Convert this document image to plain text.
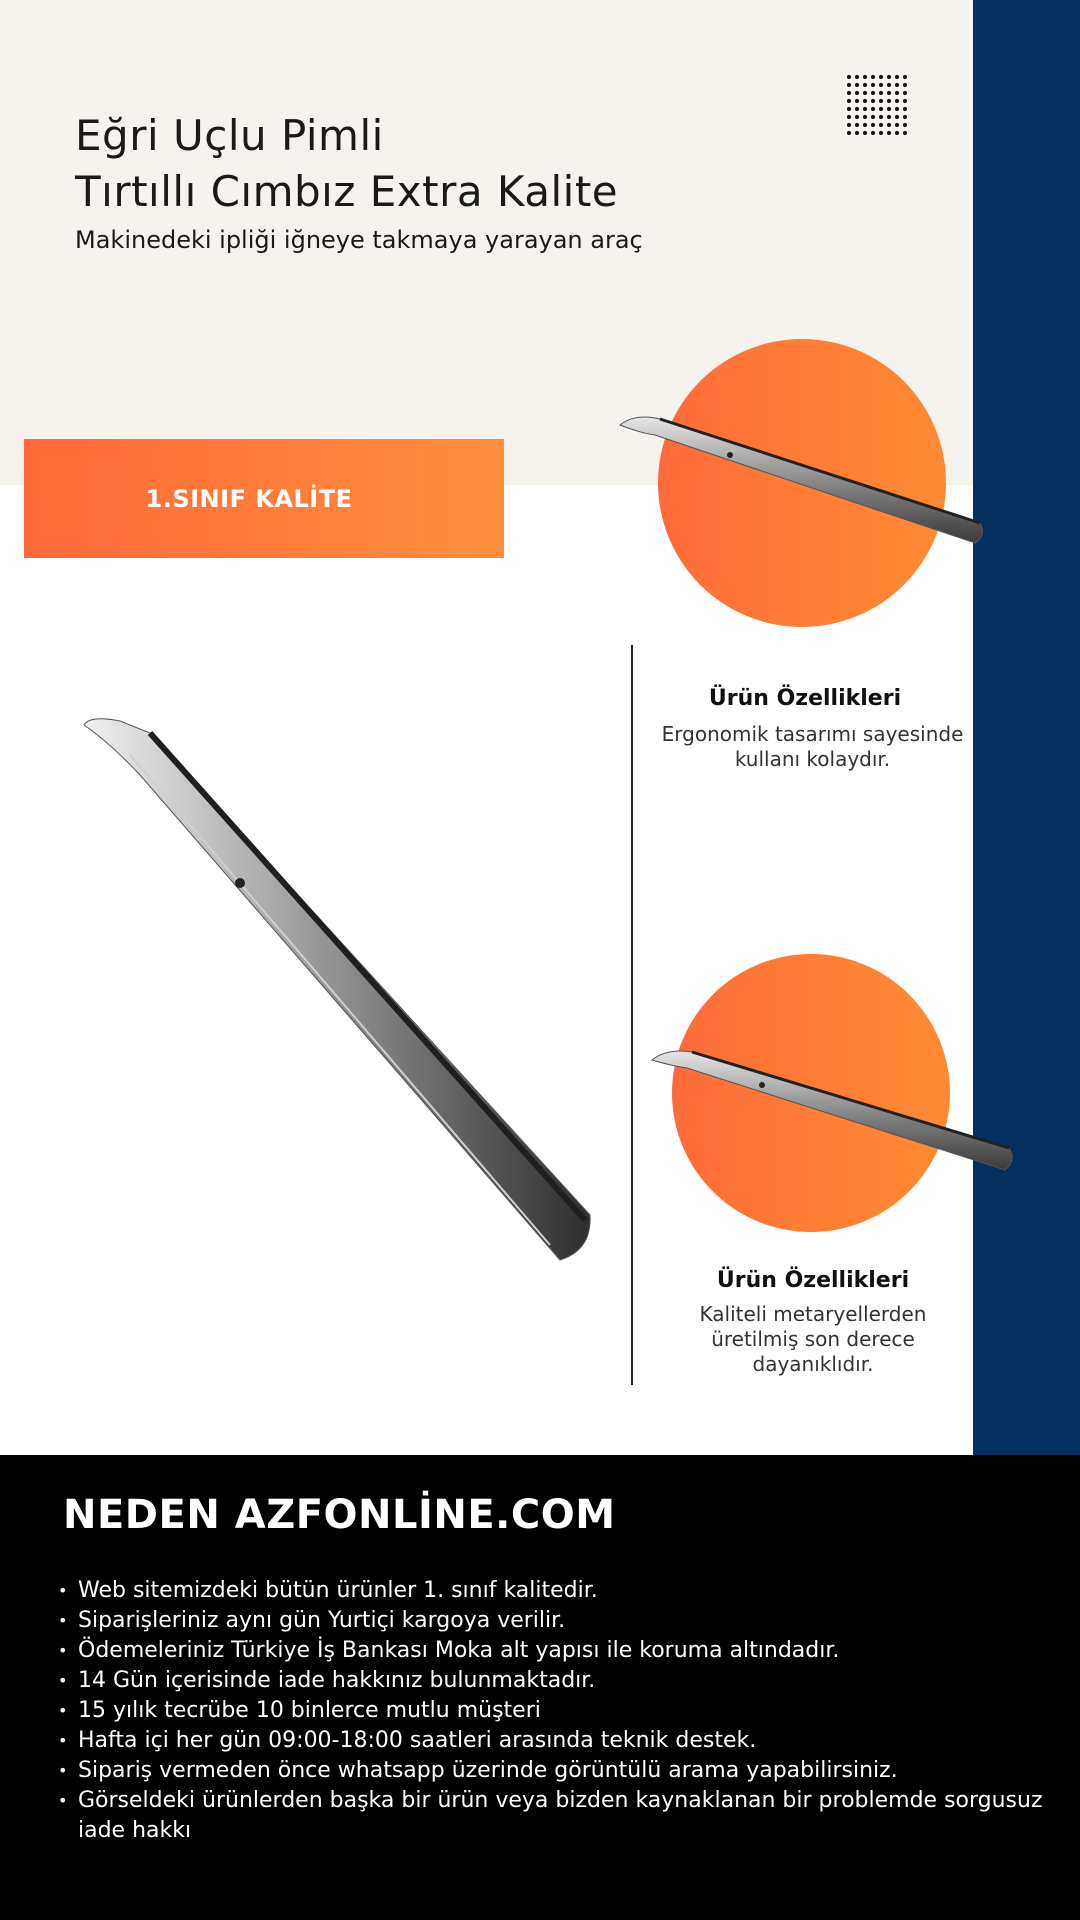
Eğri Uçlu Pimli
Tırtıllı Cımbız Extra Kalite
Makinedeki ipliği iğneye takmaya yarayan araç
1.SINIF KALİTE
Ürün Özellikleri
Ergonomik tasarımı sayesinde kullanı kolaydır.
Ürün Özellikleri
Kaliteli metaryellerden üretilmiş son derece dayanıklıdır.
NEDEN AZFONLİNE.COM
• Web sitemizdeki bütün ürünler 1. sınıf kalitedir.
• Siparişleriniz aynı gün Yurtiçi kargoya verilir.
• Ödemeleriniz Türkiye İş Bankası Moka alt yapısı ile koruma altındadır.
• 14 Gün içerisinde iade hakkınız bulunmaktadır.
• 15 yılık tecrübe 10 binlerce mutlu müşteri
• Hafta içi her gün 09:00-18:00 saatleri arasında teknik destek.
• Sipariş vermeden önce whatsapp üzerinde görüntülü arama yapabilirsiniz.
• Görseldeki ürünlerden başka bir ürün veya bizden kaynaklanan bir problemde sorgusuz iade hakkı
